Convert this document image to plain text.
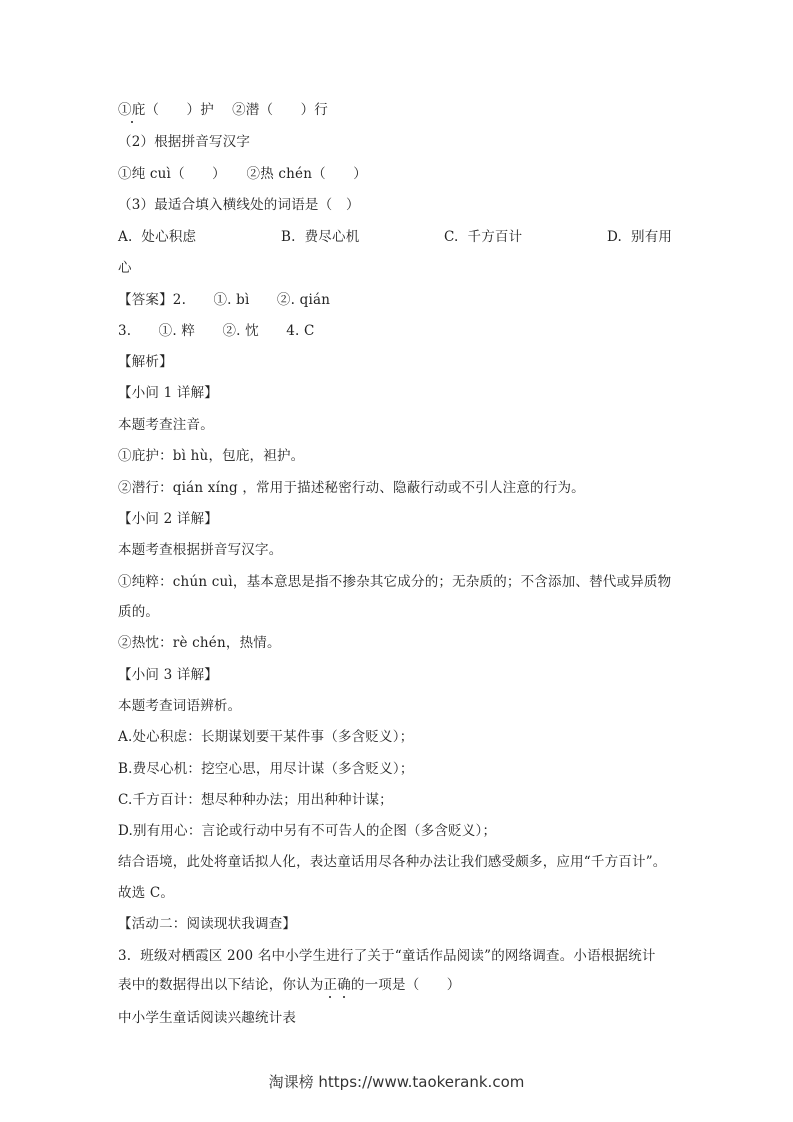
①庇（　　）护　 ②潜（　　）行
（2）根据拼音写汉字
①纯 cuì（　　）　　②热 chén（　　）
（3）最适合填入横线处的词语是（　）
A.  处心积虑	B.  费尽心机	C.  千方百计	D.  别有用
心
【答案】2.　　①. bì　　②. qián
3.　　①. 粹　　②. 忱　　4. C
【解析】
【小问 1 详解】
本题考查注音。
①庇护：bì hù，包庇，袒护。
②潜行：qián xíng ，常用于描述秘密行动、隐蔽行动或不引人注意的行为。
【小问 2 详解】
本题考查根据拼音写汉字。
①纯粹：chún cuì，基本意思是指不掺杂其它成分的；无杂质的；不含添加、替代或异质物
质的。
②热忱：rè chén，热情。
【小问 3 详解】
本题考查词语辨析。
A.处心积虑：长期谋划要干某件事（多含贬义）；
B.费尽心机：挖空心思，用尽计谋（多含贬义）；
C.千方百计：想尽种种办法；用出种种计谋；
D.别有用心：言论或行动中另有不可告人的企图（多含贬义）；
结合语境，此处将童话拟人化，表达童话用尽各种办法让我们感受颇多，应用“千方百计”。
故选 C。
【活动二：阅读现状我调查】
3.  班级对栖霞区 200 名中小学生进行了关于“童话作品阅读”的网络调查。小语根据统计
表中的数据得出以下结论，你认为正确的一项是（　　）
中小学生童话阅读兴趣统计表
淘课榜 https://www.taokerank.com
